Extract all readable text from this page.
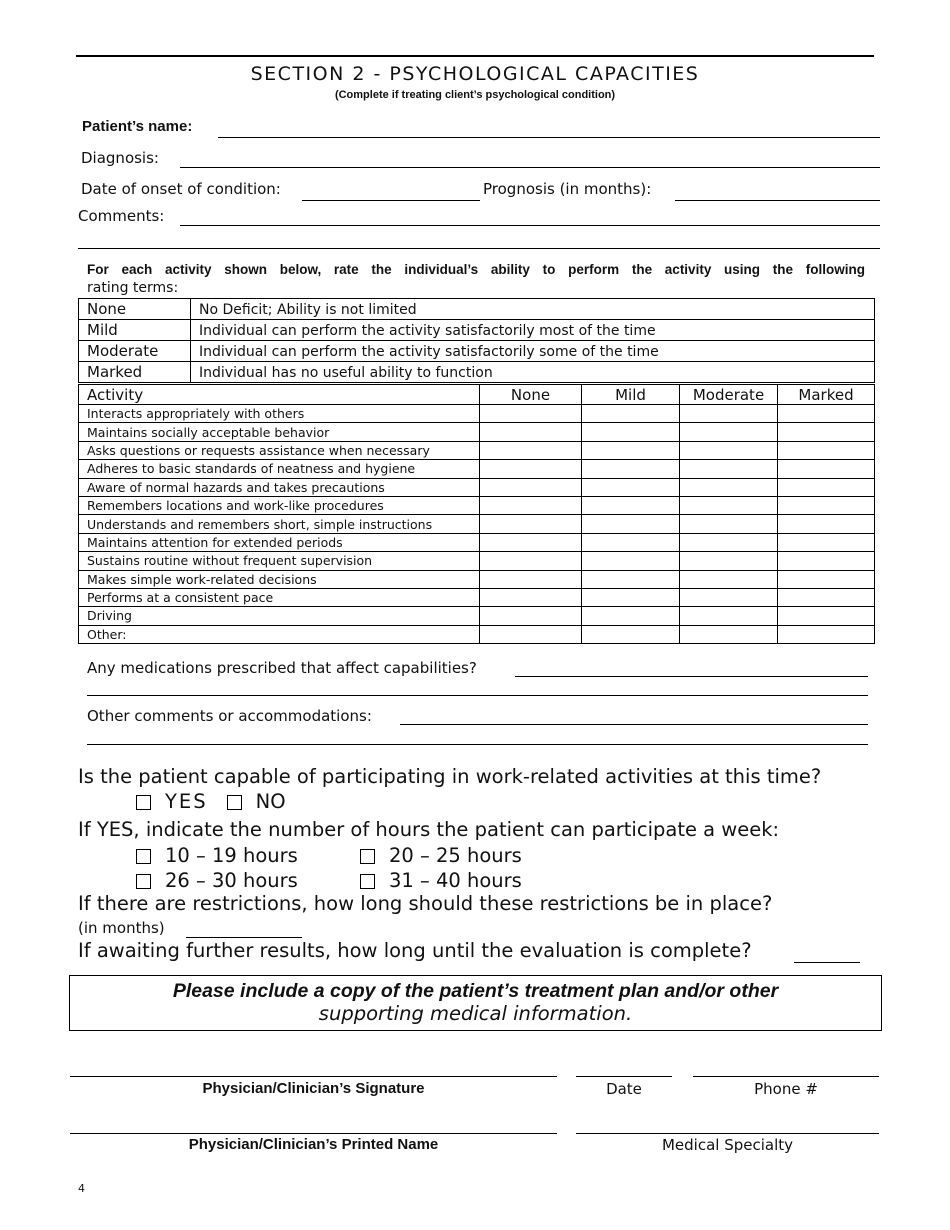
SECTION 2 - PSYCHOLOGICAL CAPACITIES
(Complete if treating client’s psychological condition)
Patient’s name:
Diagnosis:
Date of onset of condition:	Prognosis (in months):
Comments:
For each activity shown below, rate the individual’s ability to perform the activity using the following
rating terms:
None	No Deficit; Ability is not limited
Mild	Individual can perform the activity satisfactorily most of the time
Moderate	Individual can perform the activity satisfactorily some of the time
Marked	Individual has no useful ability to function
Activity	None	Mild	Moderate	Marked
Interacts appropriately with others				
Maintains socially acceptable behavior				
Asks questions or requests assistance when necessary				
Adheres to basic standards of neatness and hygiene				
Aware of normal hazards and takes precautions				
Remembers locations and work-like procedures				
Understands and remembers short, simple instructions				
Maintains attention for extended periods				
Sustains routine without frequent supervision				
Makes simple work-related decisions				
Performs at a consistent pace				
Driving				
Other:				
Any medications prescribed that affect capabilities?
Other comments or accommodations:
Is the patient capable of participating in work-related activities at this time?
YES NO
If YES, indicate the number of hours the patient can participate a week:
10 – 19 hours	20 – 25 hours
26 – 30 hours	31 – 40 hours
If there are restrictions, how long should these restrictions be in place?
(in months)
If awaiting further results, how long until the evaluation is complete?
Please include a copy of the patient’s treatment plan and/or other
supporting medical information.
Physician/Clinician’s Signature	Date	Phone #
Physician/Clinician’s Printed Name	Medical Specialty
4
